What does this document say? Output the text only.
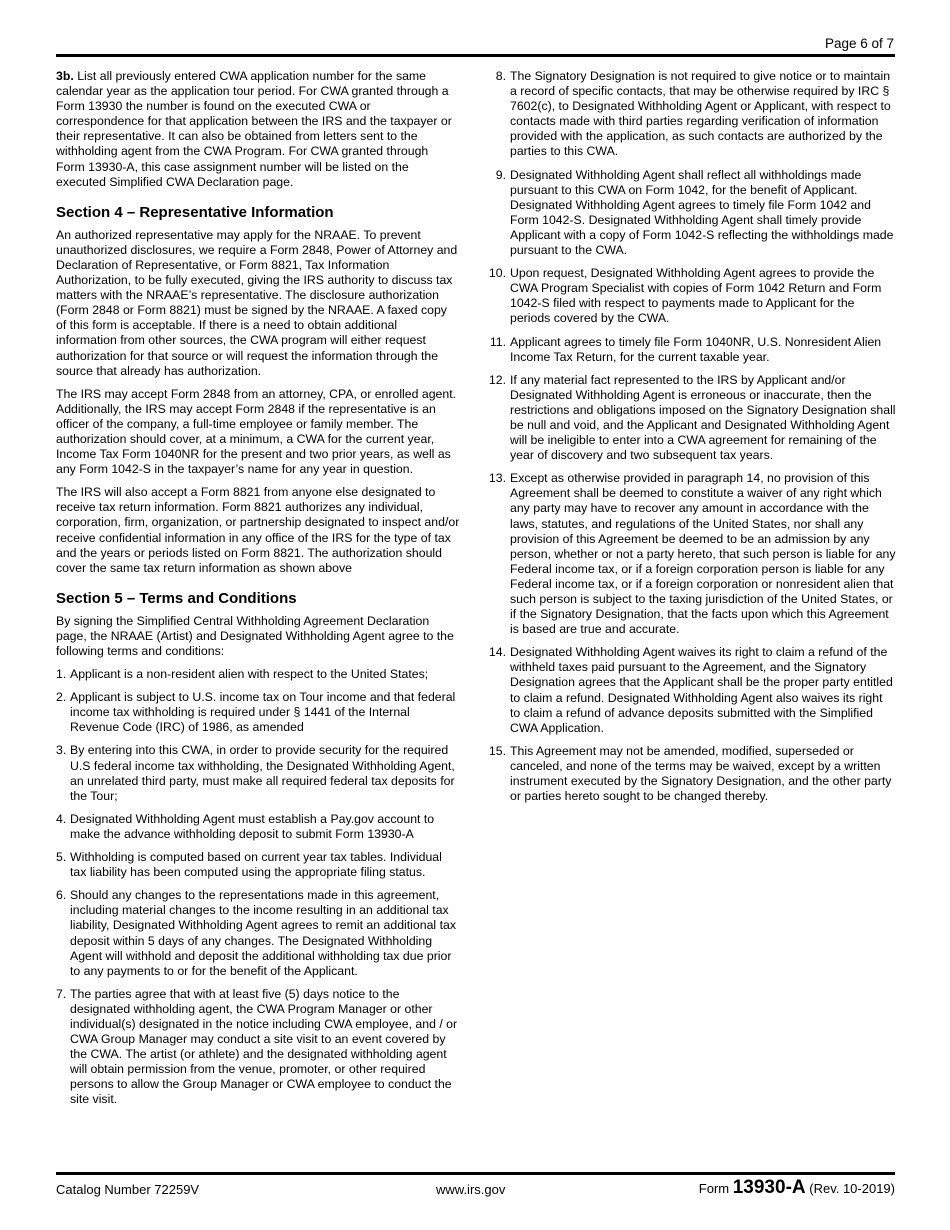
Page 6 of 7

3b. List all previously entered CWA application number for the same calendar year as the application tour period. For CWA granted through a Form 13930 the number is found on the executed CWA or correspondence for that application between the IRS and the taxpayer or their representative. It can also be obtained from letters sent to the withholding agent from the CWA Program. For CWA granted through Form 13930-A, this case assignment number will be listed on the executed Simplified CWA Declaration page.

Section 4 – Representative Information

An authorized representative may apply for the NRAAE. To prevent unauthorized disclosures, we require a Form 2848, Power of Attorney and Declaration of Representative, or Form 8821, Tax Information Authorization, to be fully executed, giving the IRS authority to discuss tax matters with the NRAAE’s representative. The disclosure authorization (Form 2848 or Form 8821) must be signed by the NRAAE. A faxed copy of this form is acceptable. If there is a need to obtain additional information from other sources, the CWA program will either request authorization for that source or will request the information through the source that already has authorization.

The IRS may accept Form 2848 from an attorney, CPA, or enrolled agent. Additionally, the IRS may accept Form 2848 if the representative is an officer of the company, a full-time employee or family member. The authorization should cover, at a minimum, a CWA for the current year, Income Tax Form 1040NR for the present and two prior years, as well as any Form 1042-S in the taxpayer’s name for any year in question.

The IRS will also accept a Form 8821 from anyone else designated to receive tax return information. Form 8821 authorizes any individual, corporation, firm, organization, or partnership designated to inspect and/or receive confidential information in any office of the IRS for the type of tax and the years or periods listed on Form 8821. The authorization should cover the same tax return information as shown above

Section 5 – Terms and Conditions

By signing the Simplified Central Withholding Agreement Declaration page, the NRAAE (Artist) and Designated Withholding Agent agree to the following terms and conditions:

1. Applicant is a non-resident alien with respect to the United States;
2. Applicant is subject to U.S. income tax on Tour income and that federal income tax withholding is required under § 1441 of the Internal Revenue Code (IRC) of 1986, as amended
3. By entering into this CWA, in order to provide security for the required U.S federal income tax withholding, the Designated Withholding Agent, an unrelated third party, must make all required federal tax deposits for the Tour;
4. Designated Withholding Agent must establish a Pay.gov account to make the advance withholding deposit to submit Form 13930-A
5. Withholding is computed based on current year tax tables. Individual tax liability has been computed using the appropriate filing status.
6. Should any changes to the representations made in this agreement, including material changes to the income resulting in an additional tax liability, Designated Withholding Agent agrees to remit an additional tax deposit within 5 days of any changes. The Designated Withholding Agent will withhold and deposit the additional withholding tax due prior to any payments to or for the benefit of the Applicant.
7. The parties agree that with at least five (5) days notice to the designated withholding agent, the CWA Program Manager or other individual(s) designated in the notice including CWA employee, and / or CWA Group Manager may conduct a site visit to an event covered by the CWA. The artist (or athlete) and the designated withholding agent will obtain permission from the venue, promoter, or other required persons to allow the Group Manager or CWA employee to conduct the site visit.
8. The Signatory Designation is not required to give notice or to maintain a record of specific contacts, that may be otherwise required by IRC § 7602(c), to Designated Withholding Agent or Applicant, with respect to contacts made with third parties regarding verification of information provided with the application, as such contacts are authorized by the parties to this CWA.
9. Designated Withholding Agent shall reflect all withholdings made pursuant to this CWA on Form 1042, for the benefit of Applicant. Designated Withholding Agent agrees to timely file Form 1042 and Form 1042-S. Designated Withholding Agent shall timely provide Applicant with a copy of Form 1042-S reflecting the withholdings made pursuant to the CWA.
10. Upon request, Designated Withholding Agent agrees to provide the CWA Program Specialist with copies of Form 1042 Return and Form 1042-S filed with respect to payments made to Applicant for the periods covered by the CWA.
11. Applicant agrees to timely file Form 1040NR, U.S. Nonresident Alien Income Tax Return, for the current taxable year.
12. If any material fact represented to the IRS by Applicant and/or Designated Withholding Agent is erroneous or inaccurate, then the restrictions and obligations imposed on the Signatory Designation shall be null and void, and the Applicant and Designated Withholding Agent will be ineligible to enter into a CWA agreement for remaining of the year of discovery and two subsequent tax years.
13. Except as otherwise provided in paragraph 14, no provision of this Agreement shall be deemed to constitute a waiver of any right which any party may have to recover any amount in accordance with the laws, statutes, and regulations of the United States, nor shall any provision of this Agreement be deemed to be an admission by any person, whether or not a party hereto, that such person is liable for any Federal income tax, or if a foreign corporation person is liable for any Federal income tax, or if a foreign corporation or nonresident alien that such person is subject to the taxing jurisdiction of the United States, or if the Signatory Designation, that the facts upon which this Agreement is based are true and accurate.
14. Designated Withholding Agent waives its right to claim a refund of the withheld taxes paid pursuant to the Agreement, and the Signatory Designation agrees that the Applicant shall be the proper party entitled to claim a refund. Designated Withholding Agent also waives its right to claim a refund of advance deposits submitted with the Simplified CWA Application.
15. This Agreement may not be amended, modified, superseded or canceled, and none of the terms may be waived, except by a written instrument executed by the Signatory Designation, and the other party or parties hereto sought to be changed thereby.
Catalog Number 72259V	www.irs.gov	Form 13930-A (Rev. 10-2019)
